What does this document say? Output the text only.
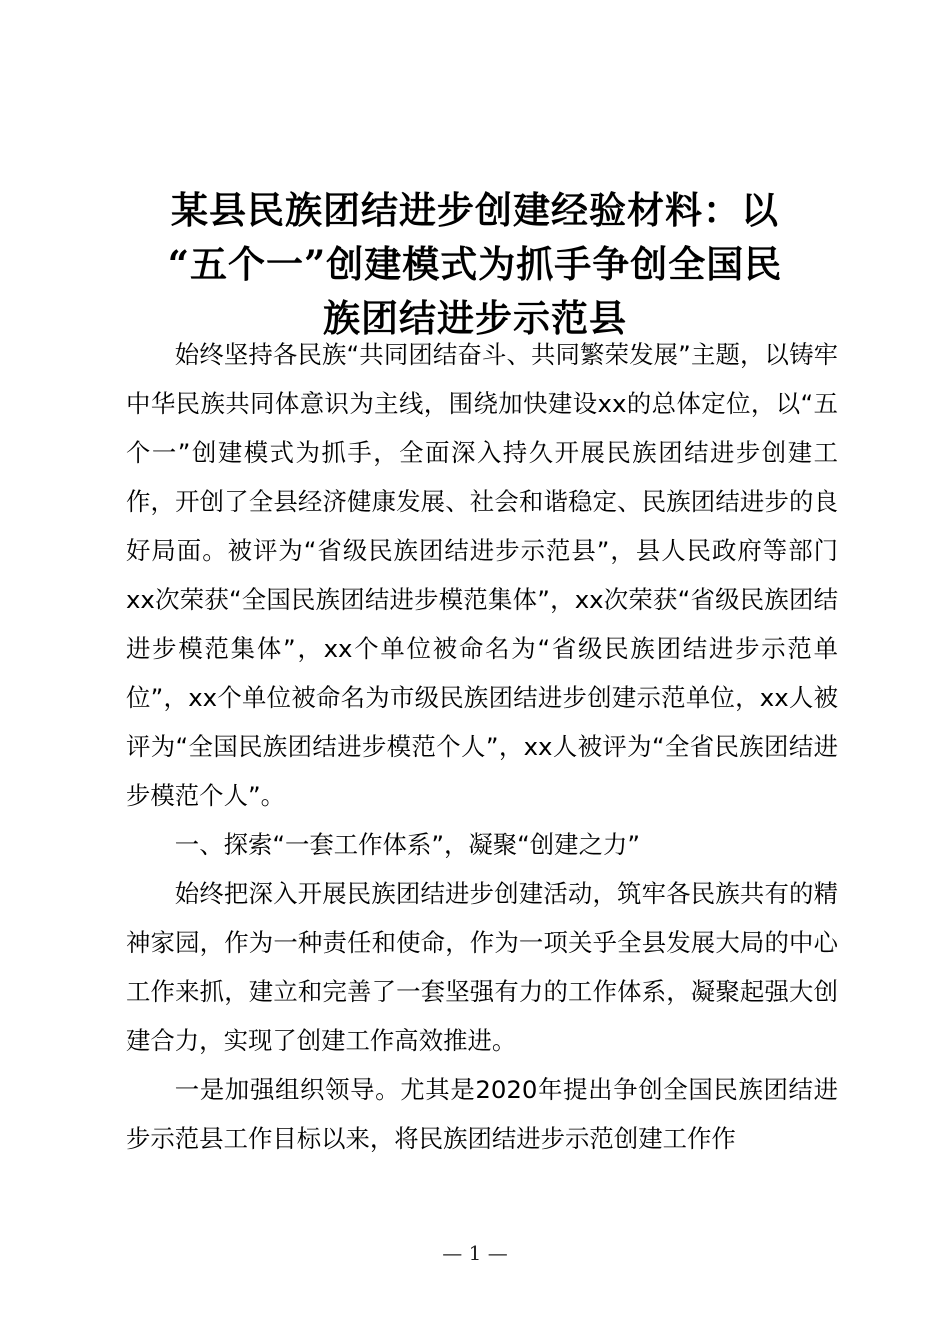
某县民族团结进步创建经验材料：以
“五个一”创建模式为抓手争创全国民
族团结进步示范县

始终坚持各民族“共同团结奋斗、共同繁荣发展”主题，以铸牢中华民族共同体意识为主线，围绕加快建设xx的总体定位，以“五个一”创建模式为抓手，全面深入持久开展民族团结进步创建工作，开创了全县经济健康发展、社会和谐稳定、民族团结进步的良好局面。被评为“省级民族团结进步示范县”，县人民政府等部门xx次荣获“全国民族团结进步模范集体”，xx次荣获“省级民族团结进步模范集体”，xx个单位被命名为“省级民族团结进步示范单位”，xx个单位被命名为市级民族团结进步创建示范单位，xx人被评为“全国民族团结进步模范个人”，xx人被评为“全省民族团结进步模范个人”。

一、探索“一套工作体系”，凝聚“创建之力”

始终把深入开展民族团结进步创建活动，筑牢各民族共有的精神家园，作为一种责任和使命，作为一项关乎全县发展大局的中心工作来抓，建立和完善了一套坚强有力的工作体系，凝聚起强大创建合力，实现了创建工作高效推进。

一是加强组织领导。尤其是2020年提出争创全国民族团结进步示范县工作目标以来，将民族团结进步示范创建工作作

— 1 —
